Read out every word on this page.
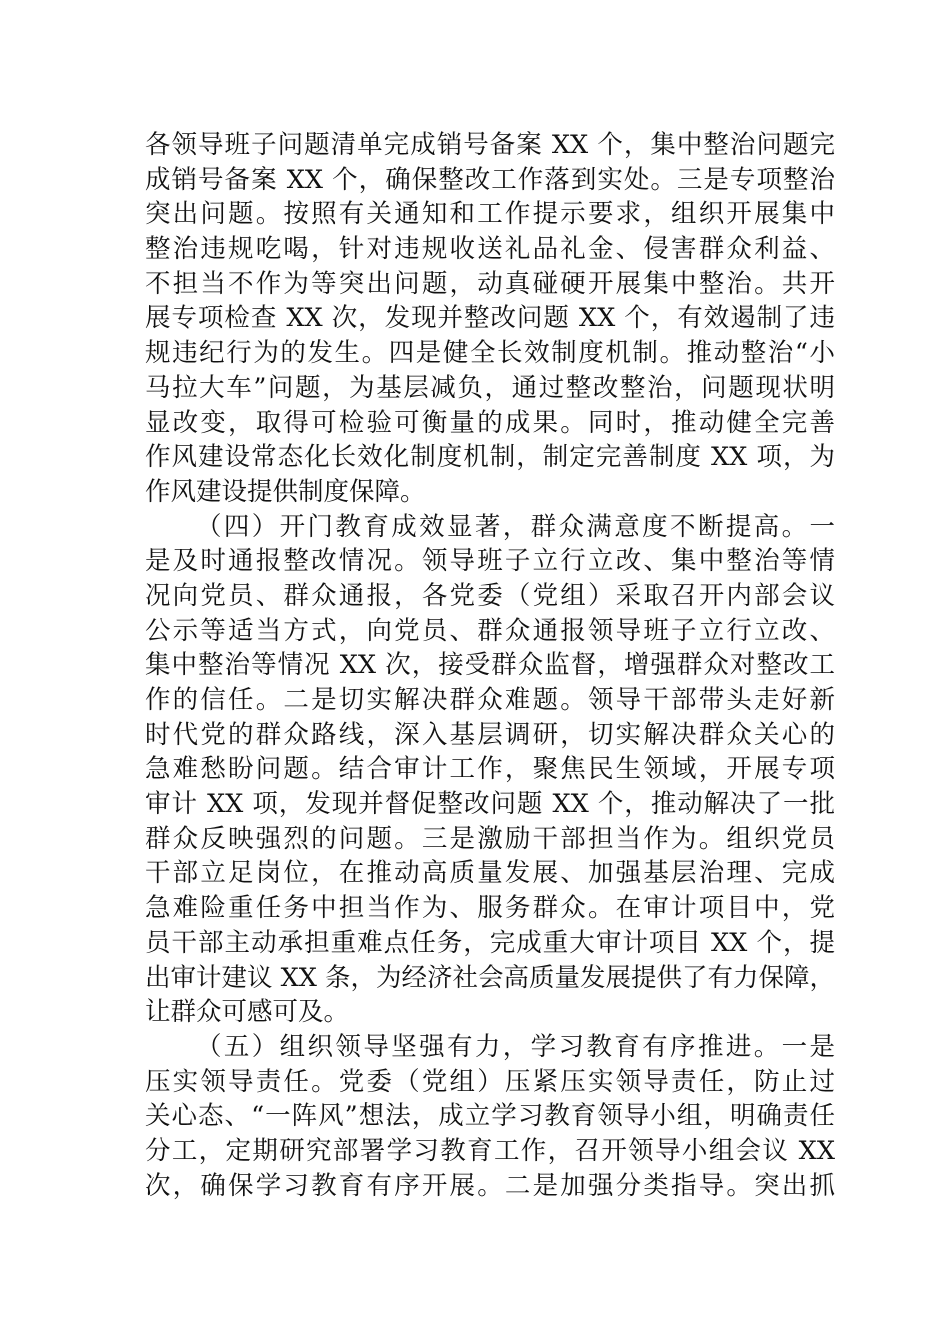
各领导班子问题清单完成销号备案 XX 个，集中整治问题完
成销号备案 XX 个，确保整改工作落到实处。三是专项整治
突出问题。按照有关通知和工作提示要求，组织开展集中
整治违规吃喝，针对违规收送礼品礼金、侵害群众利益、
不担当不作为等突出问题，动真碰硬开展集中整治。共开
展专项检查 XX 次，发现并整改问题 XX 个，有效遏制了违
规违纪行为的发生。四是健全长效制度机制。推动整治“小
马拉大车”问题，为基层减负，通过整改整治，问题现状明
显改变，取得可检验可衡量的成果。同时，推动健全完善
作风建设常态化长效化制度机制，制定完善制度 XX 项，为
作风建设提供制度保障。
（四）开门教育成效显著，群众满意度不断提高。一
是及时通报整改情况。领导班子立行立改、集中整治等情
况向党员、群众通报，各党委（党组）采取召开内部会议
公示等适当方式，向党员、群众通报领导班子立行立改、
集中整治等情况 XX 次，接受群众监督，增强群众对整改工
作的信任。二是切实解决群众难题。领导干部带头走好新
时代党的群众路线，深入基层调研，切实解决群众关心的
急难愁盼问题。结合审计工作，聚焦民生领域，开展专项
审计 XX 项，发现并督促整改问题 XX 个，推动解决了一批
群众反映强烈的问题。三是激励干部担当作为。组织党员
干部立足岗位，在推动高质量发展、加强基层治理、完成
急难险重任务中担当作为、服务群众。在审计项目中，党
员干部主动承担重难点任务，完成重大审计项目 XX 个，提
出审计建议 XX 条，为经济社会高质量发展提供了有力保障，
让群众可感可及。
（五）组织领导坚强有力，学习教育有序推进。一是
压实领导责任。党委（党组）压紧压实领导责任，防止过
关心态、“一阵风”想法，成立学习教育领导小组，明确责任
分工，定期研究部署学习教育工作，召开领导小组会议 XX
次，确保学习教育有序开展。二是加强分类指导。突出抓
